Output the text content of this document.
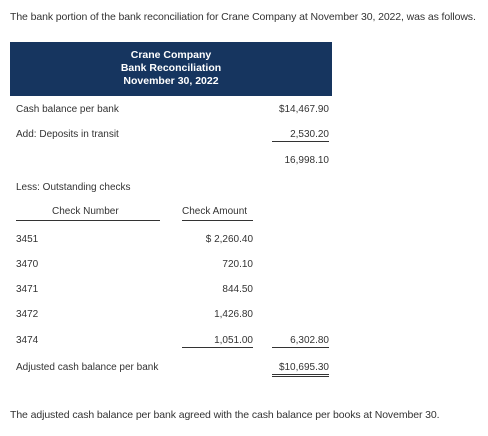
The bank portion of the bank reconciliation for Crane Company at November 30, 2022, was as follows.
Crane Company
Bank Reconciliation
November 30, 2022
Cash balance per bank	$14,467.90
Add: Deposits in transit	2,530.20
16,998.10
Less: Outstanding checks
Check Number	Check Amount
3451	$ 2,260.40
3470	720.10
3471	844.50
3472	1,426.80
3474	1,051.00	6,302.80
Adjusted cash balance per bank	$10,695.30
The adjusted cash balance per bank agreed with the cash balance per books at November 30.
